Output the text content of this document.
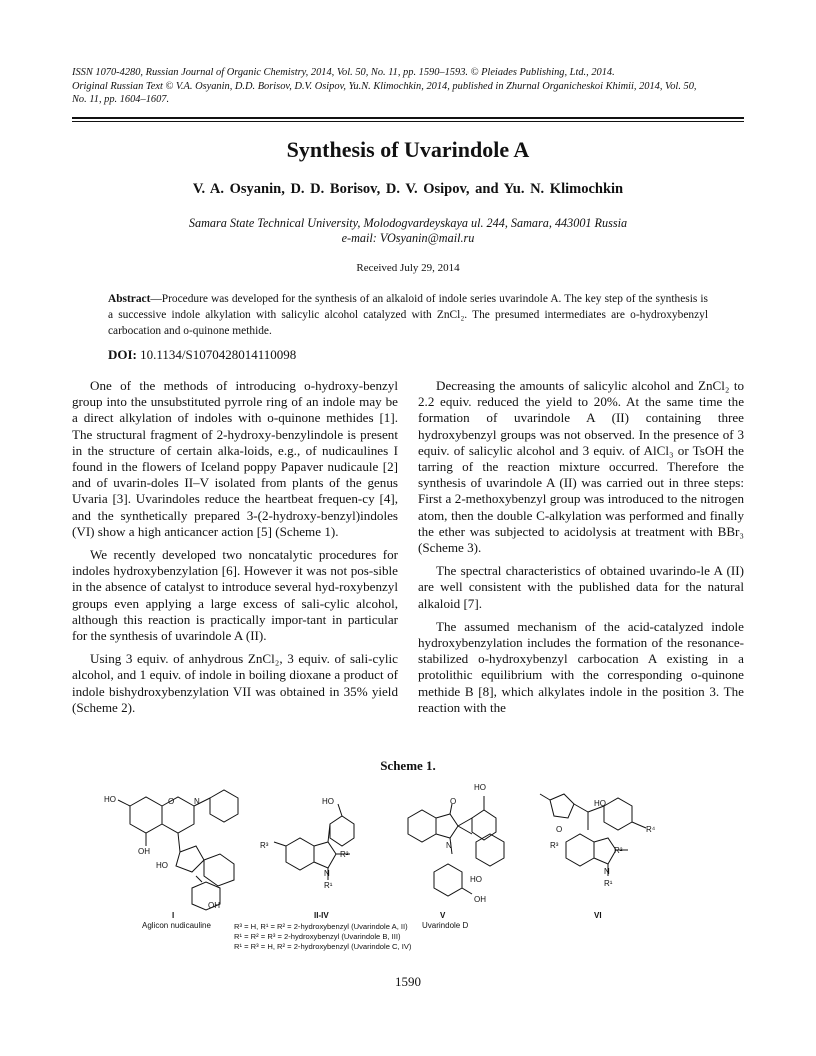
ISSN 1070-4280, Russian Journal of Organic Chemistry, 2014, Vol. 50, No. 11, pp. 1590–1593. © Pleiades Publishing, Ltd., 2014.
Original Russian Text © V.A. Osyanin, D.D. Borisov, D.V. Osipov, Yu.N. Klimochkin, 2014, published in Zhurnal Organicheskoi Khimii, 2014, Vol. 50,
No. 11, pp. 1604–1607.
Synthesis of Uvarindole A
V. A. Osyanin, D. D. Borisov, D. V. Osipov, and Yu. N. Klimochkin
Samara State Technical University, Molodogvardeyskaya ul. 244, Samara, 443001 Russia
e-mail: VOsyanin@mail.ru
Received July 29, 2014
Abstract—Procedure was developed for the synthesis of an alkaloid of indole series uvarindole A. The key step of the synthesis is a successive indole alkylation with salicylic alcohol catalyzed with ZnCl₂. The presumed intermediates are o-hydroxybenzyl carbocation and o-quinone methide.
DOI: 10.1134/S1070428014110098

One of the methods of introducing o-hydroxy-benzyl group into the unsubstituted pyrrole ring of an indole may be a direct alkylation of indoles with o-quinone methides [1]. The structural fragment of 2-hydroxy-benzylindole is present in the structure of certain alka-loids, e.g., of nudicaulines I found in the flowers of Iceland poppy Papaver nudicaule [2] and of uvarin-doles II–V isolated from plants of the genus Uvaria [3]. Uvarindoles reduce the heartbeat frequen-cy [4], and the synthetically prepared 3-(2-hydroxy-benzyl)indoles (VI) show a high anticancer action [5] (Scheme 1).

We recently developed two noncatalytic procedures for indoles hydroxybenzylation [6]. However it was not pos-sible in the absence of catalyst to introduce several hyd-roxybenzyl groups even applying a large excess of sali-cylic alcohol, although this reaction is practically impor-tant in particular for the synthesis of uvarindole A (II).

Using 3 equiv. of anhydrous ZnCl₂, 3 equiv. of sali-cylic alcohol, and 1 equiv. of indole in boiling dioxane a product of indole bishydroxybenzylation VII was obtained in 35% yield (Scheme 2).

Decreasing the amounts of salicylic alcohol and ZnCl₂ to 2.2 equiv. reduced the yield to 20%. At the same time the formation of uvarindole A (II) containing three hydroxybenzyl groups was not observed. In the presence of 3 equiv. of salicylic alcohol and 3 equiv. of AlCl₃ or TsOH the tarring of the reaction mixture occurred. Therefore the synthesis of uvarindole A (II) was carried out in three steps: First a 2-methoxybenzyl group was introduced to the nitrogen atom, then the double C-alkylation was performed and finally the ether was subjected to acidolysis at treatment with BBr₃ (Scheme 3).

The spectral characteristics of obtained uvarindo-le A (II) are well consistent with the published data for the natural alkaloid [7].

The assumed mechanism of the acid-catalyzed indole hydroxybenzylation includes the formation of the resonance-stabilized o-hydroxybenzyl carbocation A existing in a protolithic equilibrium with the corresponding o-quinone methide B [8], which alkylates indole in the position 3. The reaction with the

Scheme 1.
HO	O N
OH
HO
OH
HO
R³
R²
N
R¹
O
HO
N
HO
OH
O
HO
R⁴
R³
R²
N
R¹
I
Aglicon nudicauline
II-IV	V
Uvarindole D
VI
R³ = H, R¹ = R² = 2-hydroxybenzyl (Uvarindole A, II)
R¹ = R² = R³ = 2-hydroxybenzyl (Uvarindole B, III)
R¹ = R³ = H, R² = 2-hydroxybenzyl (Uvarindole C, IV)
1590
